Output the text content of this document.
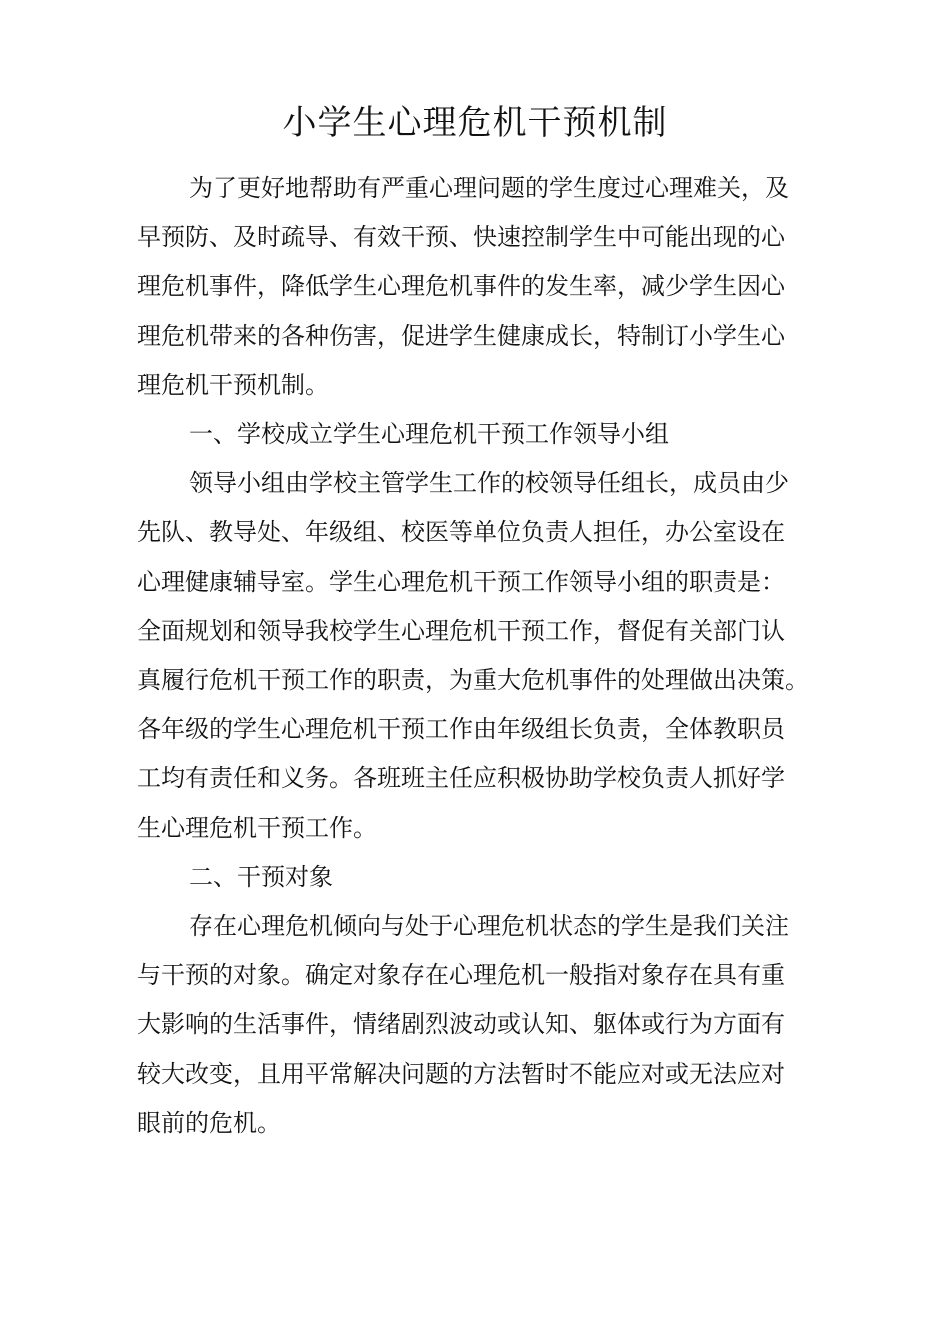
小学生心理危机干预机制

为了更好地帮助有严重心理问题的学生度过心理难关，及

早预防、及时疏导、有效干预、快速控制学生中可能出现的心

理危机事件，降低学生心理危机事件的发生率，减少学生因心

理危机带来的各种伤害，促进学生健康成长，特制订小学生心

理危机干预机制。

一、学校成立学生心理危机干预工作领导小组

领导小组由学校主管学生工作的校领导任组长，成员由少

先队、教导处、年级组、校医等单位负责人担任，办公室设在

心理健康辅导室。学生心理危机干预工作领导小组的职责是：

全面规划和领导我校学生心理危机干预工作，督促有关部门认

真履行危机干预工作的职责，为重大危机事件的处理做出决策。

各年级的学生心理危机干预工作由年级组长负责，全体教职员

工均有责任和义务。各班班主任应积极协助学校负责人抓好学

生心理危机干预工作。

二、干预对象

存在心理危机倾向与处于心理危机状态的学生是我们关注

与干预的对象。确定对象存在心理危机一般指对象存在具有重

大影响的生活事件，情绪剧烈波动或认知、躯体或行为方面有

较大改变，且用平常解决问题的方法暂时不能应对或无法应对

眼前的危机。
